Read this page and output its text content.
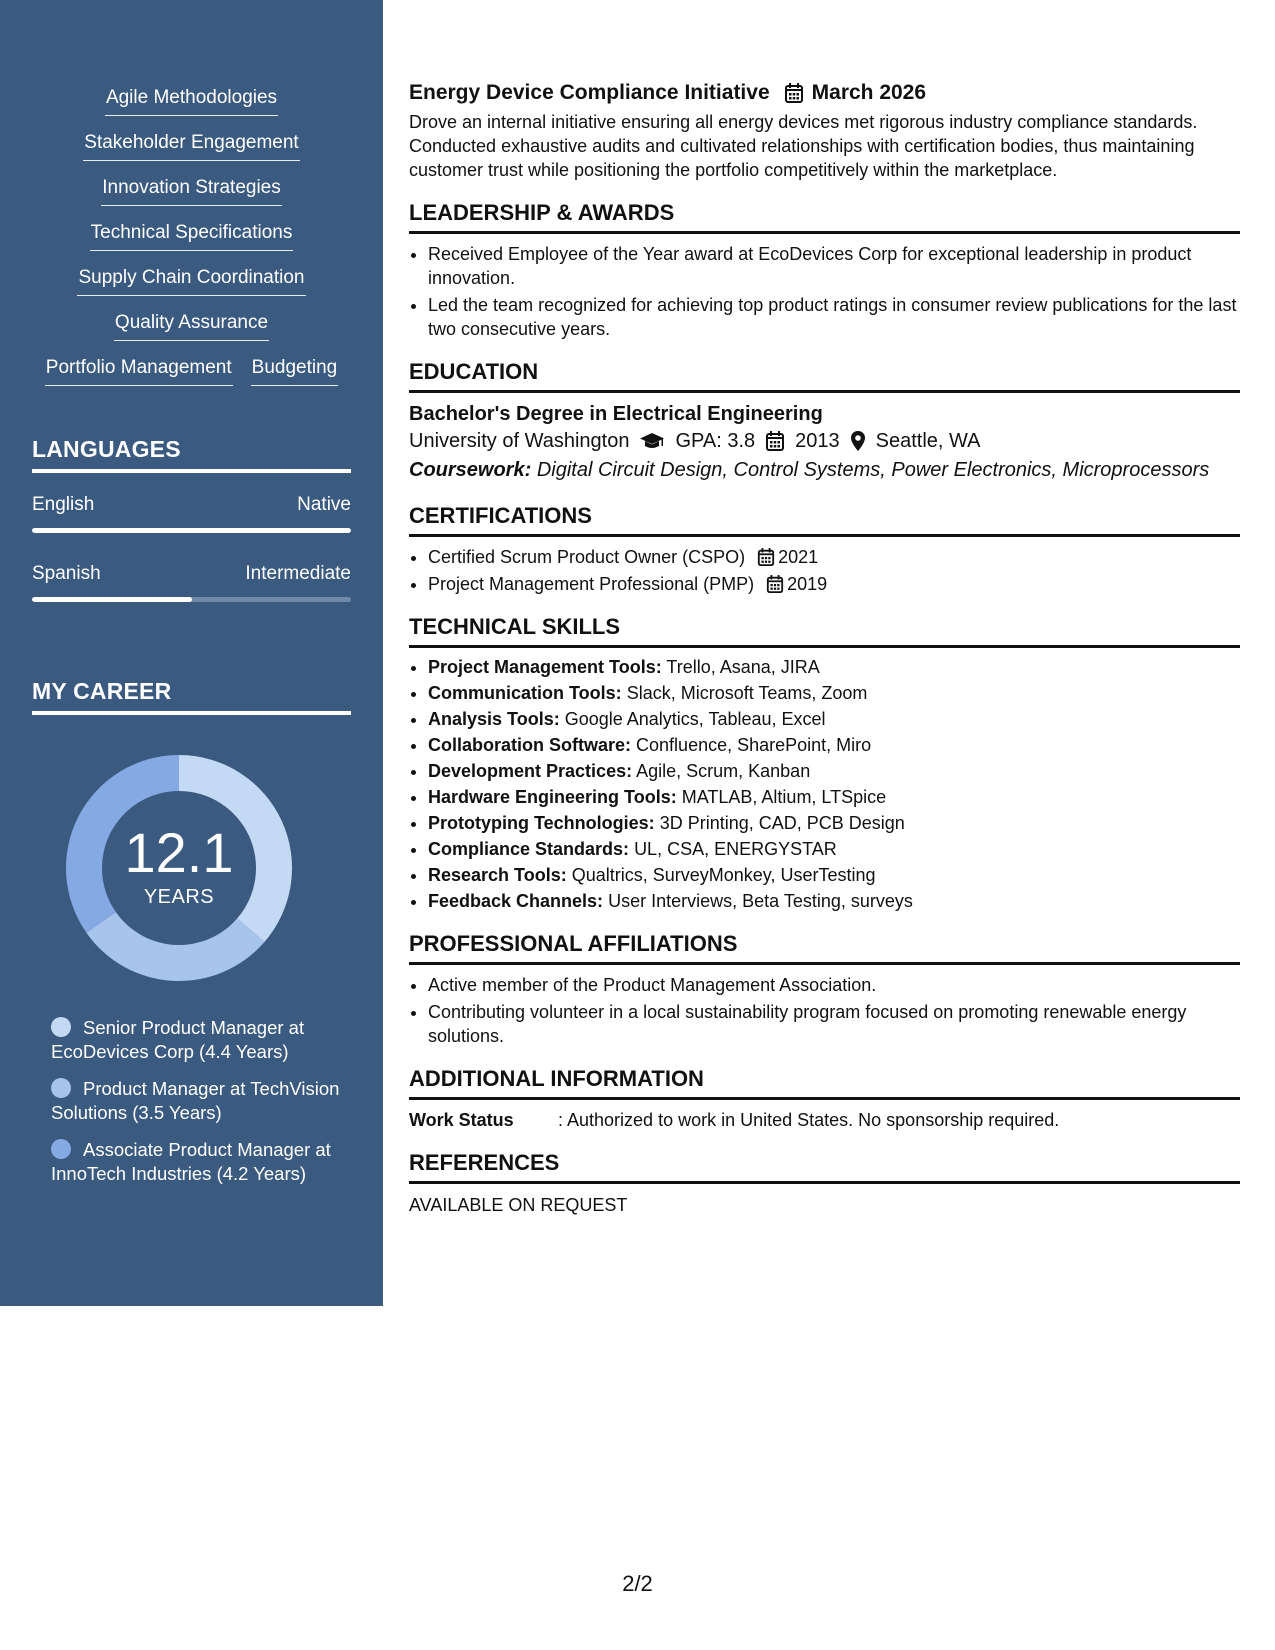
Agile Methodologies
Stakeholder Engagement
Innovation Strategies
Technical Specifications
Supply Chain Coordination
Quality Assurance
Portfolio Management Budgeting
LANGUAGES
English	Native
Spanish	Intermediate
MY CAREER
12.1
YEARS
Senior Product Manager at EcoDevices Corp (4.4 Years)
Product Manager at TechVision Solutions (3.5 Years)
Associate Product Manager at InnoTech Industries (4.2 Years)
Energy Device Compliance Initiative March 2026

Drove an internal initiative ensuring all energy devices met rigorous industry compliance standards. Conducted exhaustive audits and cultivated relationships with certification bodies, thus maintaining customer trust while positioning the portfolio competitively within the marketplace.

LEADERSHIP & AWARDS
• Received Employee of the Year award at EcoDevices Corp for exceptional leadership in product innovation.
• Led the team recognized for achieving top product ratings in consumer review publications for the last two consecutive years.
EDUCATION
Bachelor's Degree in Electrical Engineering
University of Washington GPA: 3.8 2013 Seattle, WA
Coursework: Digital Circuit Design, Control Systems, Power Electronics, Microprocessors
CERTIFICATIONS
• Certified Scrum Product Owner (CSPO) 2021
• Project Management Professional (PMP) 2019
TECHNICAL SKILLS
• Project Management Tools: Trello, Asana, JIRA
• Communication Tools: Slack, Microsoft Teams, Zoom
• Analysis Tools: Google Analytics, Tableau, Excel
• Collaboration Software: Confluence, SharePoint, Miro
• Development Practices: Agile, Scrum, Kanban
• Hardware Engineering Tools: MATLAB, Altium, LTSpice
• Prototyping Technologies: 3D Printing, CAD, PCB Design
• Compliance Standards: UL, CSA, ENERGYSTAR
• Research Tools: Qualtrics, SurveyMonkey, UserTesting
• Feedback Channels: User Interviews, Beta Testing, surveys
PROFESSIONAL AFFILIATIONS
• Active member of the Product Management Association.
• Contributing volunteer in a local sustainability program focused on promoting renewable energy solutions.
ADDITIONAL INFORMATION
Work Status	: Authorized to work in United States. No sponsorship required.
REFERENCES
AVAILABLE ON REQUEST
2/2
